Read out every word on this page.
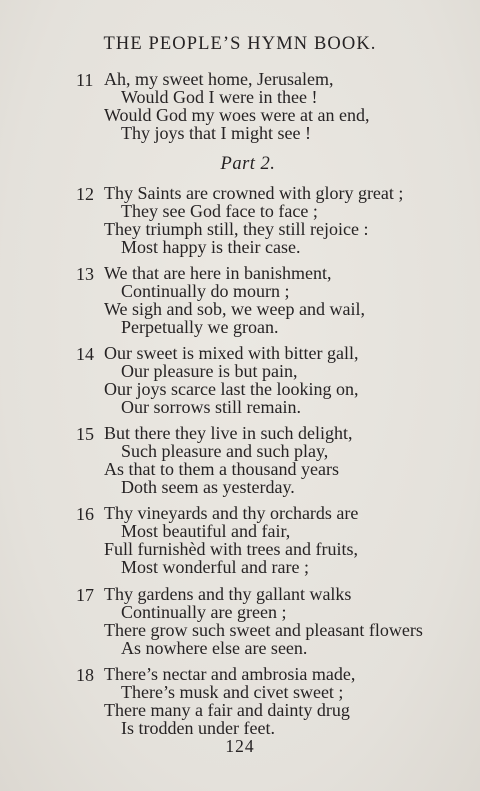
THE PEOPLE’S HYMN BOOK.
11 Ah, my sweet home, Jerusalem,
Would God I were in thee !
Would God my woes were at an end,
Thy joys that I might see !
Part 2.
12 Thy Saints are crowned with glory great ;
They see God face to face ;
They triumph still, they still rejoice :
Most happy is their case.
13 We that are here in banishment,
Continually do mourn ;
We sigh and sob, we weep and wail,
Perpetually we groan.
14 Our sweet is mixed with bitter gall,
Our pleasure is but pain,
Our joys scarce last the looking on,
Our sorrows still remain.
15 But there they live in such delight,
Such pleasure and such play,
As that to them a thousand years
Doth seem as yesterday.
16 Thy vineyards and thy orchards are
Most beautiful and fair,
Full furnishèd with trees and fruits,
Most wonderful and rare ;
17 Thy gardens and thy gallant walks
Continually are green ;
There grow such sweet and pleasant flowers
As nowhere else are seen.
18 There’s nectar and ambrosia made,
There’s musk and civet sweet ;
There many a fair and dainty drug
Is trodden under feet.
124
